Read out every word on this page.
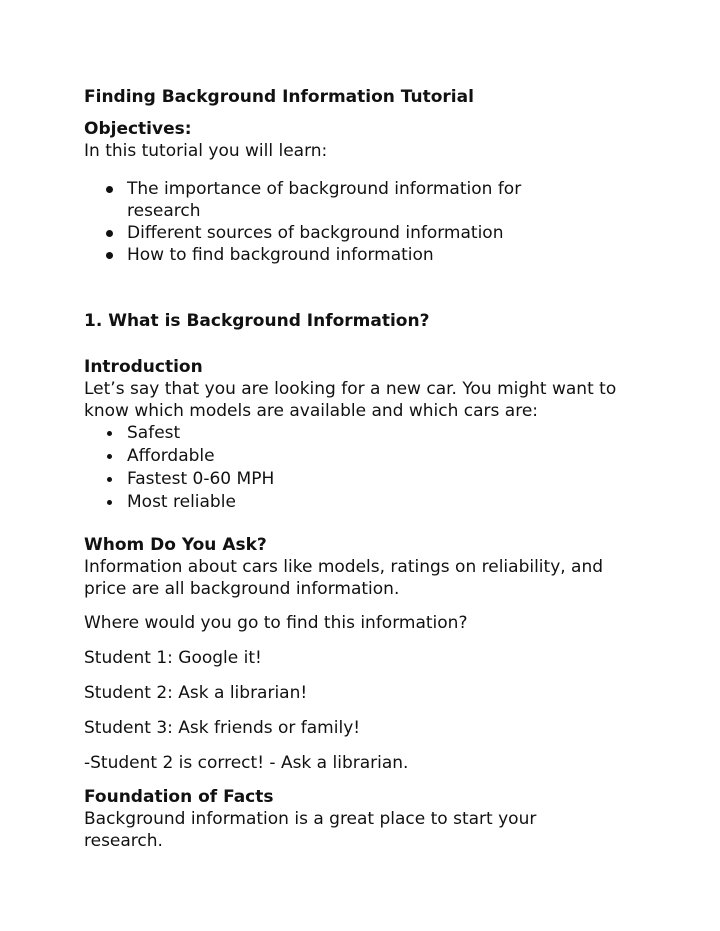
Finding Background Information Tutorial
Objectives:
In this tutorial you will learn:
The importance of background information for research
Different sources of background information
How to find background information
1. What is Background Information?
Introduction
Let’s say that you are looking for a new car. You might want to know which models are available and which cars are:
Safest
Affordable
Fastest 0-60 MPH
Most reliable
Whom Do You Ask?
Information about cars like models, ratings on reliability, and price are all background information.
Where would you go to find this information?
Student 1: Google it!
Student 2: Ask a librarian!
Student 3: Ask friends or family!
-Student 2 is correct! - Ask a librarian.
Foundation of Facts
Background information is a great place to start your research.
